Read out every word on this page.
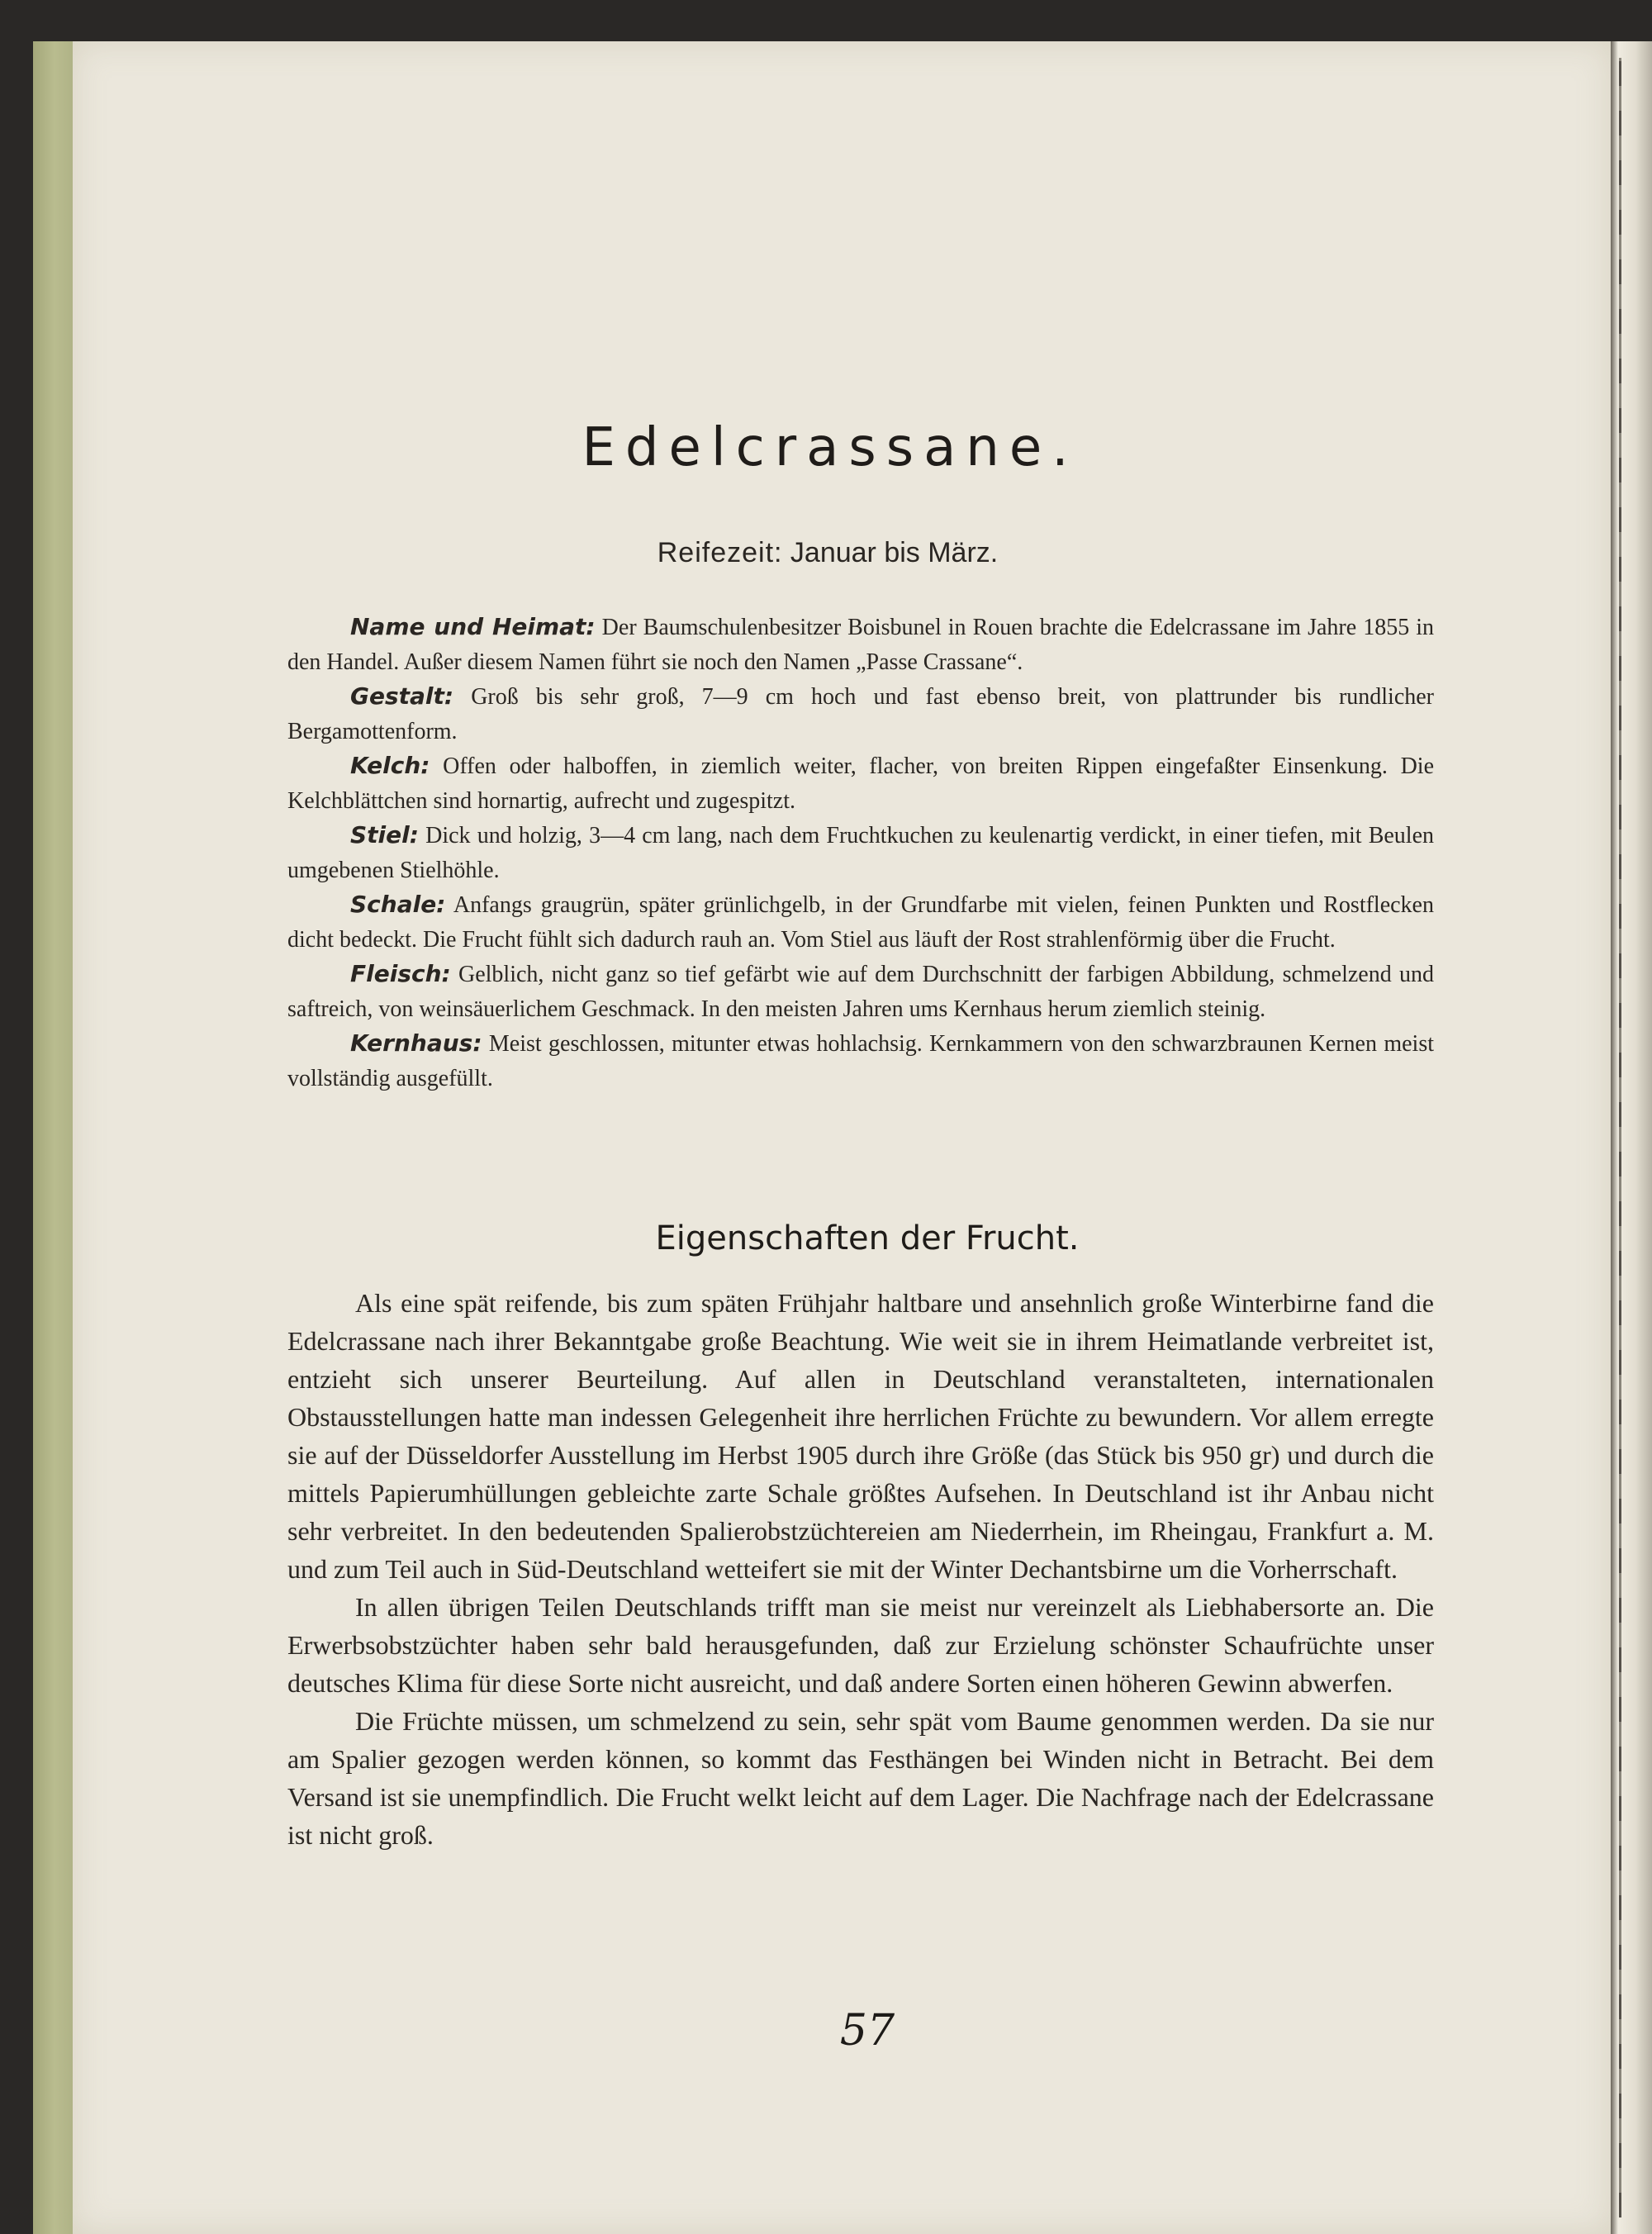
Edelcrassane.
Reifezeit: Januar bis März.

Name und Heimat: Der Baumschulenbesitzer Boisbunel in Rouen brachte die Edelcrassane im Jahre 1855 in den Handel. Außer diesem Namen führt sie noch den Namen „Passe Crassane“.

Gestalt: Groß bis sehr groß, 7—9 cm hoch und fast ebenso breit, von plattrunder bis rundlicher Bergamottenform.

Kelch: Offen oder halboffen, in ziemlich weiter, flacher, von breiten Rippen eingefaßter Einsenkung. Die Kelchblättchen sind hornartig, aufrecht und zugespitzt.

Stiel: Dick und holzig, 3—4 cm lang, nach dem Fruchtkuchen zu keulenartig verdickt, in einer tiefen, mit Beulen umgebenen Stielhöhle.

Schale: Anfangs graugrün, später grünlichgelb, in der Grundfarbe mit vielen, feinen Punkten und Rostflecken dicht bedeckt. Die Frucht fühlt sich dadurch rauh an. Vom Stiel aus läuft der Rost strahlenförmig über die Frucht.

Fleisch: Gelblich, nicht ganz so tief gefärbt wie auf dem Durchschnitt der farbigen Abbildung, schmelzend und saftreich, von weinsäuerlichem Geschmack. In den meisten Jahren ums Kernhaus herum ziemlich steinig.

Kernhaus: Meist geschlossen, mitunter etwas hohlachsig. Kernkammern von den schwarzbraunen Kernen meist vollständig ausgefüllt.

Eigenschaften der Frucht.

Als eine spät reifende, bis zum späten Frühjahr haltbare und ansehnlich große Winterbirne fand die Edelcrassane nach ihrer Bekanntgabe große Beachtung. Wie weit sie in ihrem Heimatlande verbreitet ist, entzieht sich unserer Beurteilung. Auf allen in Deutschland veranstalteten, internationalen Obstausstellungen hatte man indessen Gelegenheit ihre herrlichen Früchte zu bewundern. Vor allem erregte sie auf der Düsseldorfer Ausstellung im Herbst 1905 durch ihre Größe (das Stück bis 950 gr) und durch die mittels Papierumhüllungen gebleichte zarte Schale größtes Aufsehen. In Deutschland ist ihr Anbau nicht sehr verbreitet. In den bedeutenden Spalierobstzüchtereien am Niederrhein, im Rheingau, Frankfurt a. M. und zum Teil auch in Süd-Deutschland wetteifert sie mit der Winter Dechantsbirne um die Vorherrschaft.

In allen übrigen Teilen Deutschlands trifft man sie meist nur vereinzelt als Liebhabersorte an. Die Erwerbsobstzüchter haben sehr bald herausgefunden, daß zur Erzielung schönster Schaufrüchte unser deutsches Klima für diese Sorte nicht ausreicht, und daß andere Sorten einen höheren Gewinn abwerfen.

Die Früchte müssen, um schmelzend zu sein, sehr spät vom Baume genommen werden. Da sie nur am Spalier gezogen werden können, so kommt das Festhängen bei Winden nicht in Betracht. Bei dem Versand ist sie unempfindlich. Die Frucht welkt leicht auf dem Lager. Die Nachfrage nach der Edelcrassane ist nicht groß.

57
